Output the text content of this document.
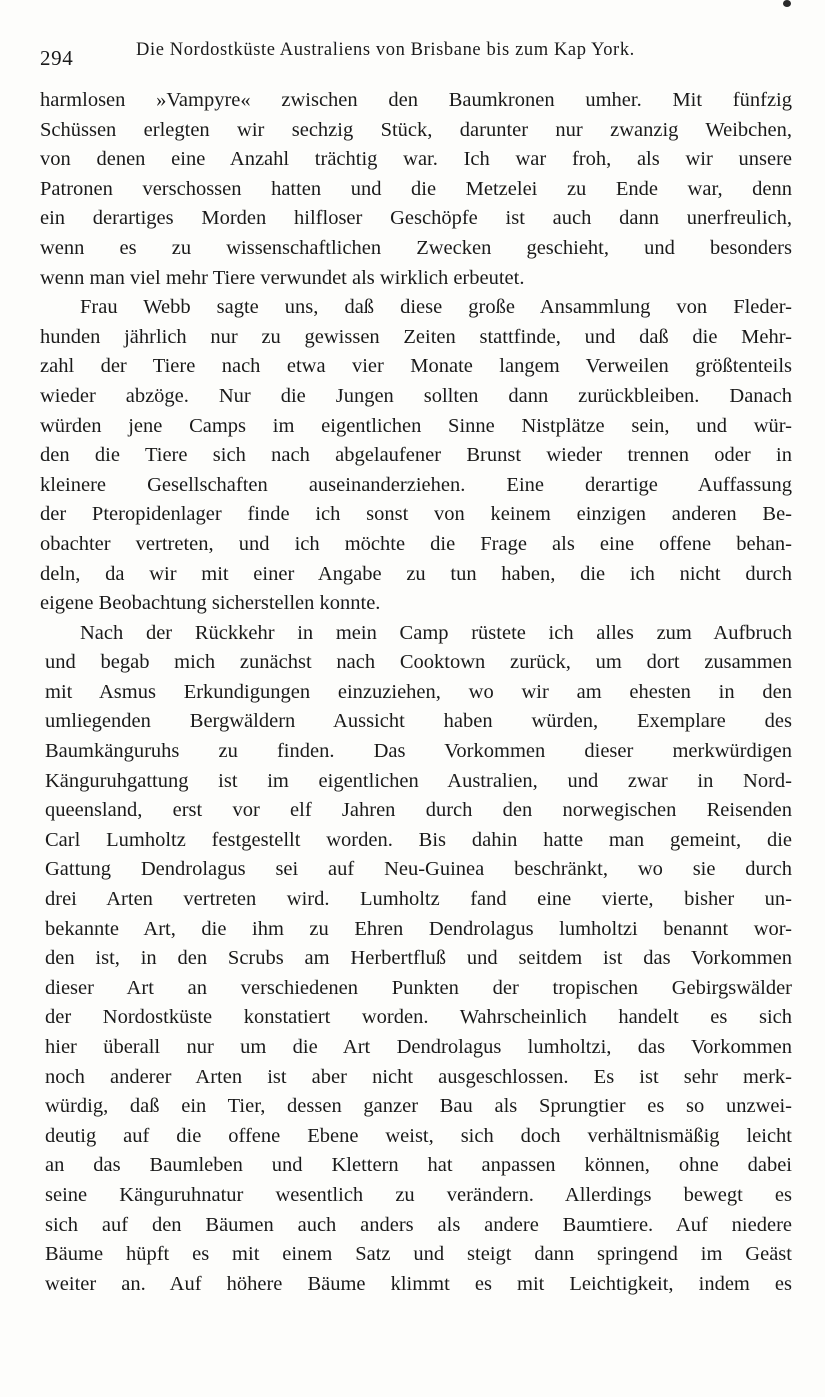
294	Die Nordostküste Australiens von Brisbane bis zum Kap York.
harmlosen »Vampyre« zwischen den Baumkronen umher. Mit fünfzig
Schüssen erlegten wir sechzig Stück, darunter nur zwanzig Weibchen,
von denen eine Anzahl trächtig war. Ich war froh, als wir unsere
Patronen verschossen hatten und die Metzelei zu Ende war, denn
ein derartiges Morden hilfloser Geschöpfe ist auch dann unerfreulich,
wenn es zu wissenschaftlichen Zwecken geschieht, und besonders
wenn man viel mehr Tiere verwundet als wirklich erbeutet.
Frau Webb sagte uns, daß diese große Ansammlung von Fleder-
hunden jährlich nur zu gewissen Zeiten stattfinde, und daß die Mehr-
zahl der Tiere nach etwa vier Monate langem Verweilen größtenteils
wieder abzöge. Nur die Jungen sollten dann zurückbleiben. Danach
würden jene Camps im eigentlichen Sinne Nistplätze sein, und wür-
den die Tiere sich nach abgelaufener Brunst wieder trennen oder in
kleinere Gesellschaften auseinanderziehen. Eine derartige Auffassung
der Pteropidenlager finde ich sonst von keinem einzigen anderen Be-
obachter vertreten, und ich möchte die Frage als eine offene behan-
deln, da wir mit einer Angabe zu tun haben, die ich nicht durch
eigene Beobachtung sicherstellen konnte.
Nach der Rückkehr in mein Camp rüstete ich alles zum Aufbruch
und begab mich zunächst nach Cooktown zurück, um dort zusammen
mit Asmus Erkundigungen einzuziehen, wo wir am ehesten in den
umliegenden Bergwäldern Aussicht haben würden, Exemplare des
Baumkänguruhs zu finden. Das Vorkommen dieser merkwürdigen
Känguruhgattung ist im eigentlichen Australien, und zwar in Nord-
queensland, erst vor elf Jahren durch den norwegischen Reisenden
Carl Lumholtz festgestellt worden. Bis dahin hatte man gemeint, die
Gattung Dendrolagus sei auf Neu-Guinea beschränkt, wo sie durch
drei Arten vertreten wird. Lumholtz fand eine vierte, bisher un-
bekannte Art, die ihm zu Ehren Dendrolagus lumholtzi benannt wor-
den ist, in den Scrubs am Herbertfluß und seitdem ist das Vorkommen
dieser Art an verschiedenen Punkten der tropischen Gebirgswälder
der Nordostküste konstatiert worden. Wahrscheinlich handelt es sich
hier überall nur um die Art Dendrolagus lumholtzi, das Vorkommen
noch anderer Arten ist aber nicht ausgeschlossen. Es ist sehr merk-
würdig, daß ein Tier, dessen ganzer Bau als Sprungtier es so unzwei-
deutig auf die offene Ebene weist, sich doch verhältnismäßig leicht
an das Baumleben und Klettern hat anpassen können, ohne dabei
seine Känguruhnatur wesentlich zu verändern. Allerdings bewegt es
sich auf den Bäumen auch anders als andere Baumtiere. Auf niedere
Bäume hüpft es mit einem Satz und steigt dann springend im Geäst
weiter an. Auf höhere Bäume klimmt es mit Leichtigkeit, indem es
